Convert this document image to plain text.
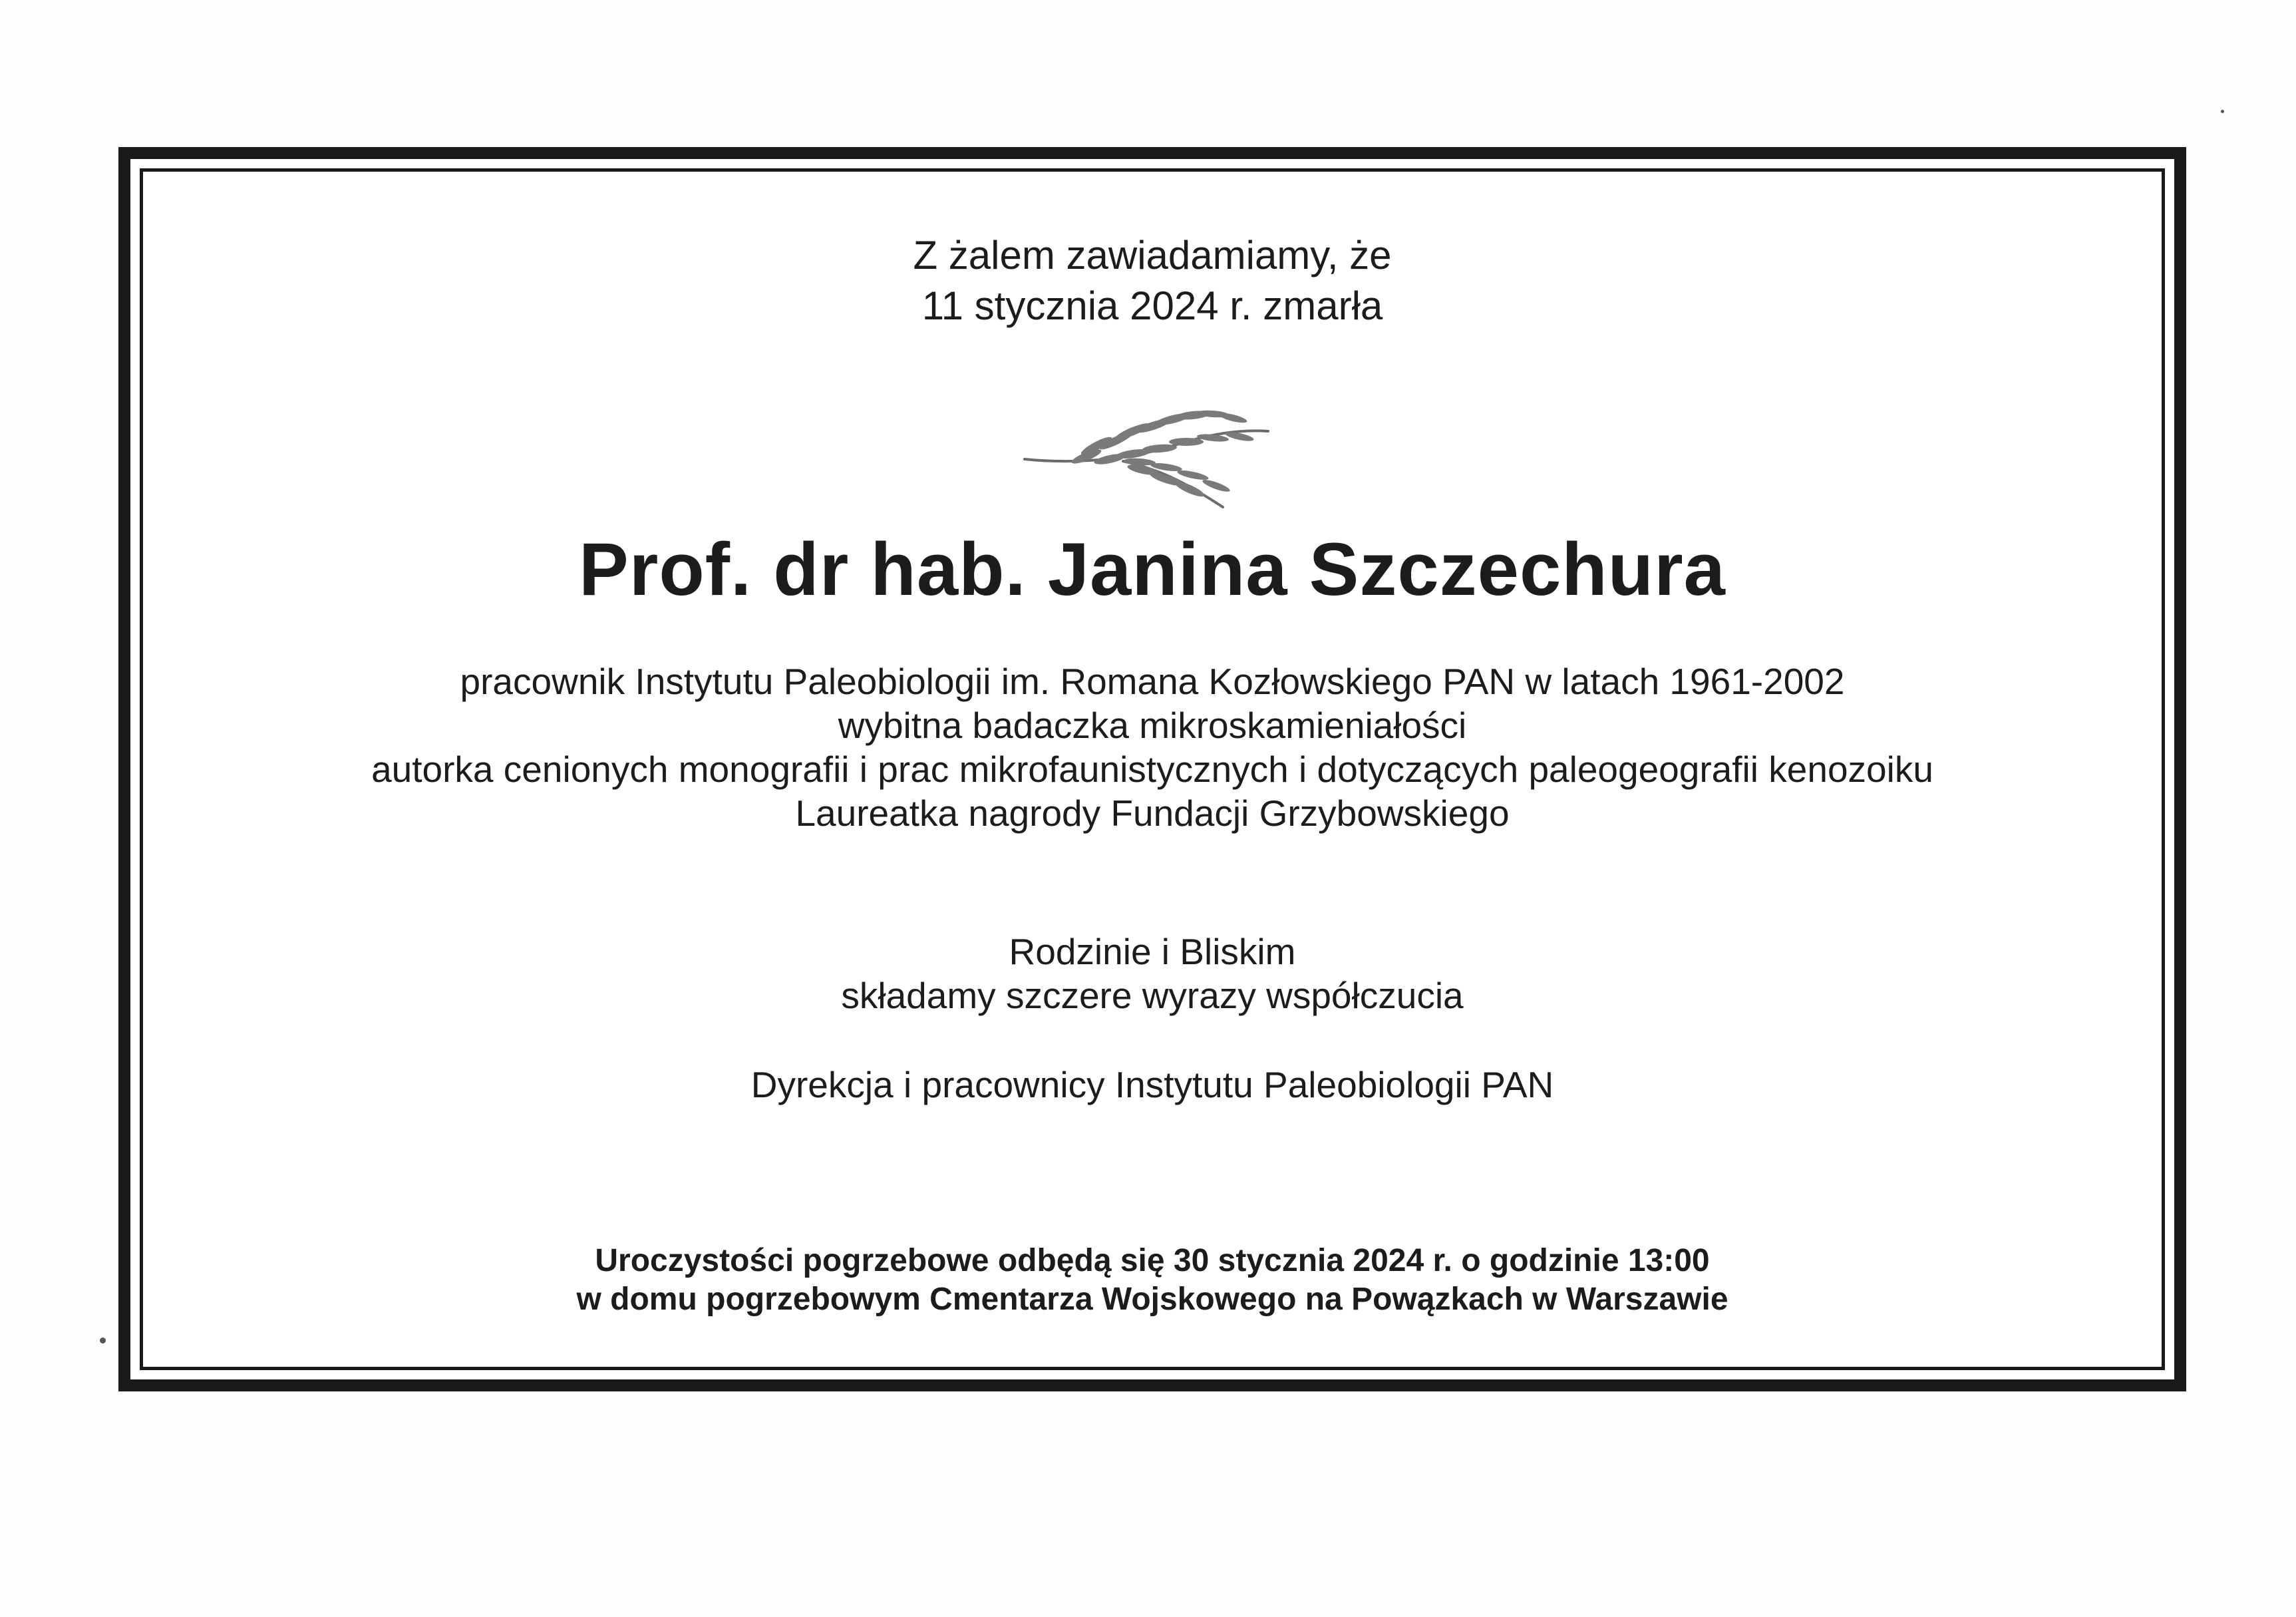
Z żalem zawiadamiamy, że
11 stycznia 2024 r. zmarła
Prof. dr hab. Janina Szczechura
pracownik Instytutu Paleobiologii im. Romana Kozłowskiego PAN w latach 1961-2002
wybitna badaczka mikroskamieniałości
autorka cenionych monografii i prac mikrofaunistycznych i dotyczących paleogeografii kenozoiku
Laureatka nagrody Fundacji Grzybowskiego
Rodzinie i Bliskim
składamy szczere wyrazy współczucia
Dyrekcja i pracownicy Instytutu Paleobiologii PAN
Uroczystości pogrzebowe odbędą się 30 stycznia 2024 r. o godzinie 13:00
w domu pogrzebowym Cmentarza Wojskowego na Powązkach w Warszawie
